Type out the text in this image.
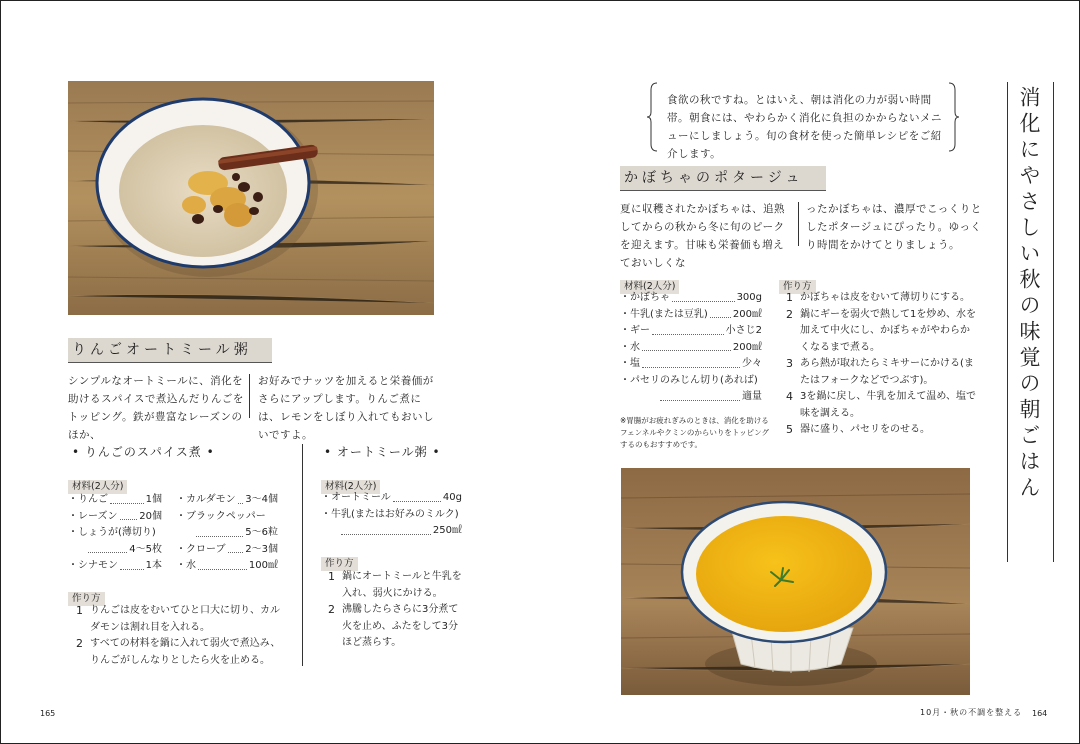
りんごオートミール粥
シンプルなオートミールに、消化を助けるスパイスで煮込んだりんごをトッピング。鉄が豊富なレーズンのほか、
お好みでナッツを加えると栄養価がさらにアップします。りんご煮には、レモンをしぼり入れてもおいしいですよ。
• りんごのスパイス煮 •
材料(2人分)
・りんご	1個
・レーズン 20個
・しょうが(薄切り)
4～5枚
・シナモン	1本
・カルダモン 3～4個
・ブラックペッパー
5～6粒
・クローブ 2～3個
・水	100㎖
作り方
1 りんごは皮をむいてひと口大に切り、カルダモンは割れ目を入れる。
2 すべての材料を鍋に入れて弱火で煮込み、りんごがしんなりとしたら火を止める。
• オートミール粥 •
材料(2人分)
・オートミール	40g
・牛乳(またはお好みのミルク)
250㎖
作り方
1 鍋にオートミールと牛乳を入れ、弱火にかける。
2 沸騰したらさらに3分煮て火を止め、ふたをして3分ほど蒸らす。
165
食欲の秋ですね。とはいえ、朝は消化の力が弱い時間帯。朝食には、やわらかく消化に負担のかからないメニューにしましょう。旬の食材を使った簡単レシピをご紹介します。
かぼちゃのポタージュ
夏に収穫されたかぼちゃは、追熟してからの秋から冬に旬のピークを迎えます。甘味も栄養価も増えておいしくな
ったかぼちゃは、濃厚でこっくりとしたポタージュにぴったり。ゆっくり時間をかけてとりましょう。
材料(2人分)
・かぼちゃ	300g
・牛乳(または豆乳)	200㎖
・ギー	小さじ2
・水	200㎖
・塩	少々
・パセリのみじん切り(あれば)
適量
※胃腸がお疲れぎみのときは、消化を助けるフェンネルやクミンのからいりをトッピングするのもおすすめです。
作り方
1 かぼちゃは皮をむいて薄切りにする。
2 鍋にギーを弱火で熱して1を炒め、水を加えて中火にし、かぼちゃがやわらかくなるまで煮る。
3 あら熱が取れたらミキサーにかける(またはフォークなどでつぶす)。
4 3を鍋に戻し、牛乳を加えて温め、塩で味を調える。
5 器に盛り、パセリをのせる。	消化にやさしい秋の味覚の朝ごはん
10月・秋の不調を整える 164
